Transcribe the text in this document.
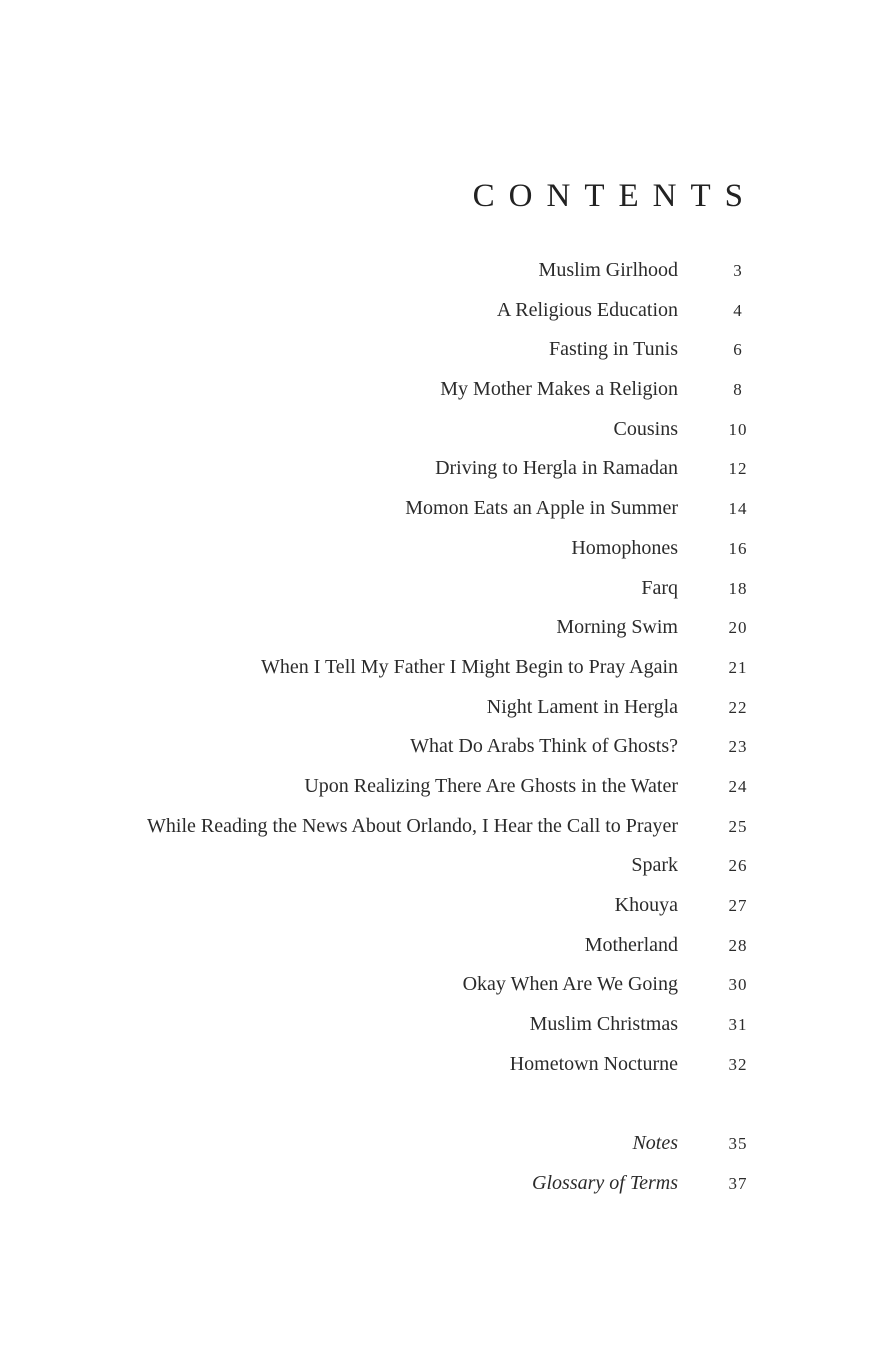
CONTENTS
Muslim Girlhood	3
A Religious Education	4
Fasting in Tunis	6
My Mother Makes a Religion	8
Cousins	10
Driving to Hergla in Ramadan	12
Momon Eats an Apple in Summer	14
Homophones	16
Farq	18
Morning Swim	20
When I Tell My Father I Might Begin to Pray Again	21
Night Lament in Hergla	22
What Do Arabs Think of Ghosts?	23
Upon Realizing There Are Ghosts in the Water	24
While Reading the News About Orlando, I Hear the Call to Prayer	25
Spark	26
Khouya	27
Motherland	28
Okay When Are We Going	30
Muslim Christmas	31
Hometown Nocturne	32
Notes	35
Glossary of Terms	37
